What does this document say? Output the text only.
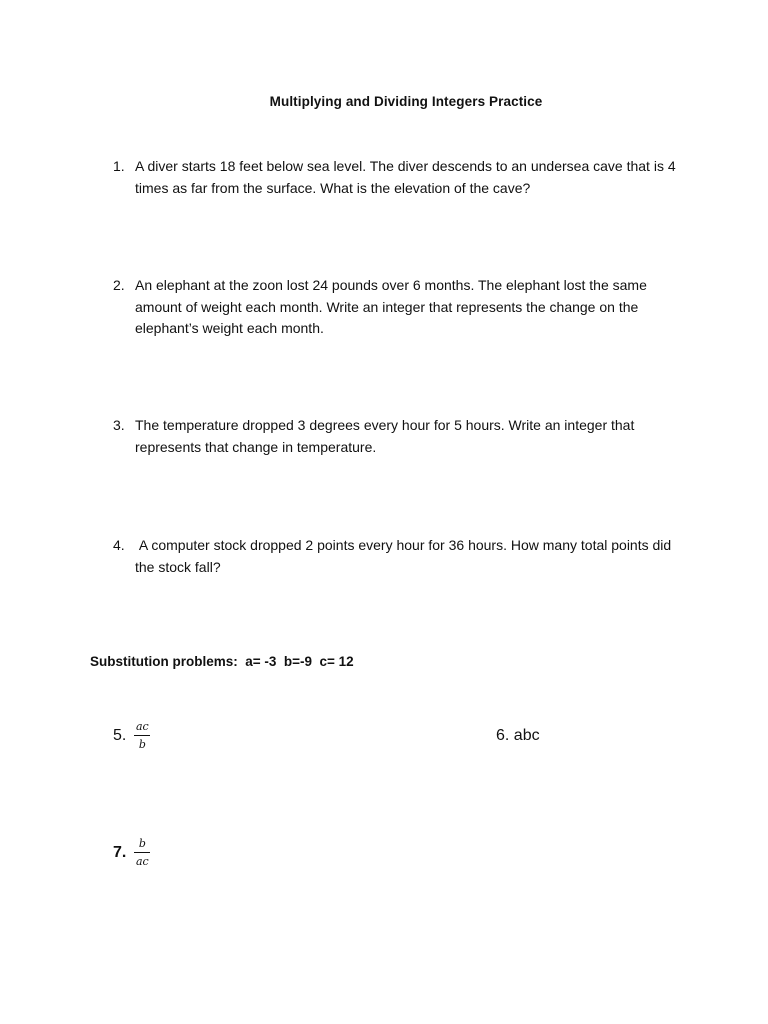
Multiplying and Dividing Integers Practice
1. A diver starts 18 feet below sea level. The diver descends to an undersea cave that is 4 times as far from the surface. What is the elevation of the cave?
2. An elephant at the zoon lost 24 pounds over 6 months. The elephant lost the same amount of weight each month. Write an integer that represents the change on the elephant’s weight each month.
3. The temperature dropped 3 degrees every hour for 5 hours. Write an integer that represents that change in temperature.
4. A computer stock dropped 2 points every hour for 36 hours. How many total points did the stock fall?
Substitution problems:  a= -3  b=-9  c= 12
5. $\frac{ac}{b}$	6. abc
7. $\frac{b}{ac}$
